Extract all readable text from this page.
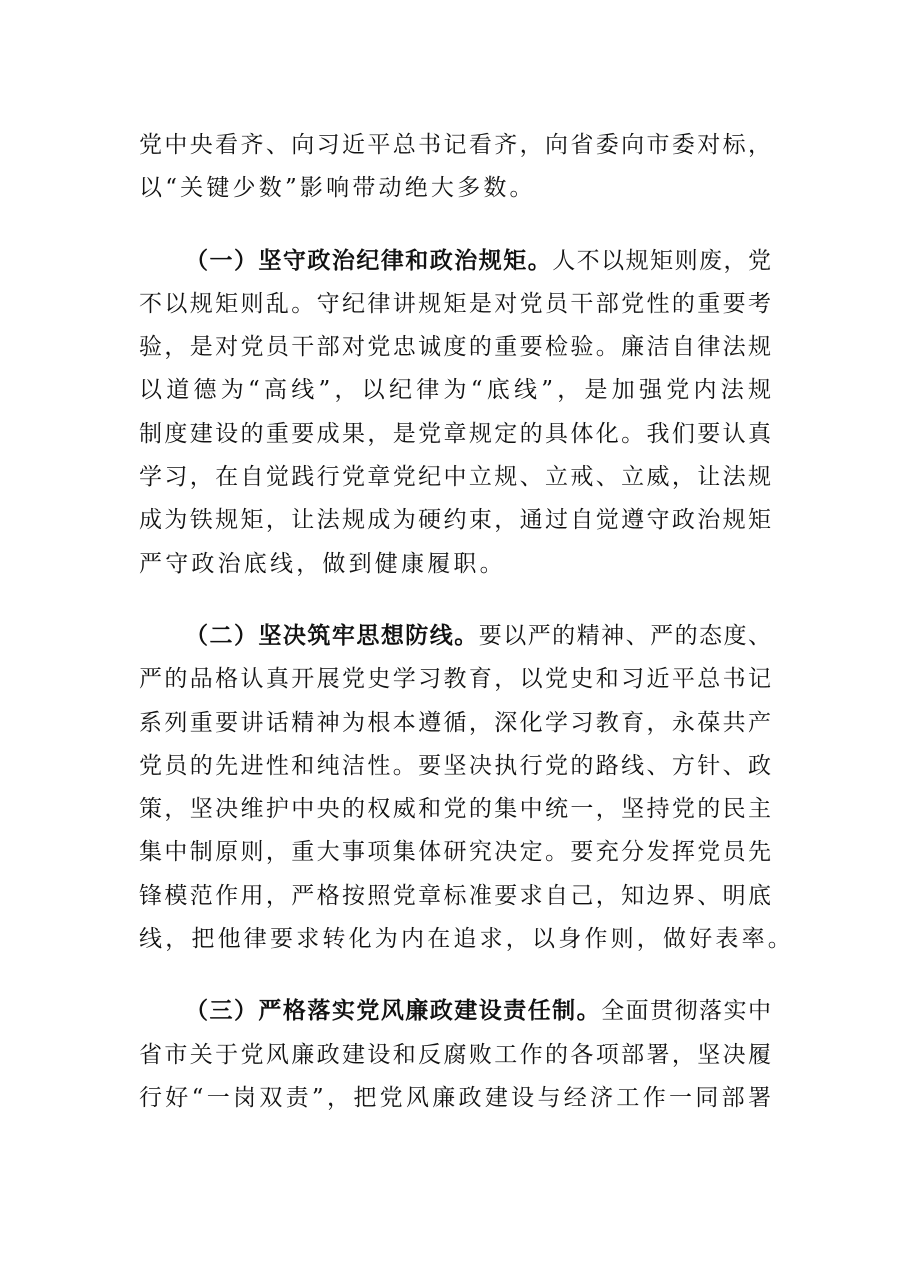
党中央看齐、向习近平总书记看齐，向省委向市委对标，
以“关键少数”影响带动绝大多数。
（一）坚守政治纪律和政治规矩。人不以规矩则废，党
不以规矩则乱。守纪律讲规矩是对党员干部党性的重要考
验，是对党员干部对党忠诚度的重要检验。廉洁自律法规
以道德为“高线”，以纪律为“底线”，是加强党内法规
制度建设的重要成果，是党章规定的具体化。我们要认真
学习，在自觉践行党章党纪中立规、立戒、立威，让法规
成为铁规矩，让法规成为硬约束，通过自觉遵守政治规矩
严守政治底线，做到健康履职。
（二）坚决筑牢思想防线。要以严的精神、严的态度、
严的品格认真开展党史学习教育，以党史和习近平总书记
系列重要讲话精神为根本遵循，深化学习教育，永葆共产
党员的先进性和纯洁性。要坚决执行党的路线、方针、政
策，坚决维护中央的权威和党的集中统一，坚持党的民主
集中制原则，重大事项集体研究决定。要充分发挥党员先
锋模范作用，严格按照党章标准要求自己，知边界、明底
线，把他律要求转化为内在追求，以身作则，做好表率。
（三）严格落实党风廉政建设责任制。全面贯彻落实中
省市关于党风廉政建设和反腐败工作的各项部署，坚决履
行好“一岗双责”，把党风廉政建设与经济工作一同部署
